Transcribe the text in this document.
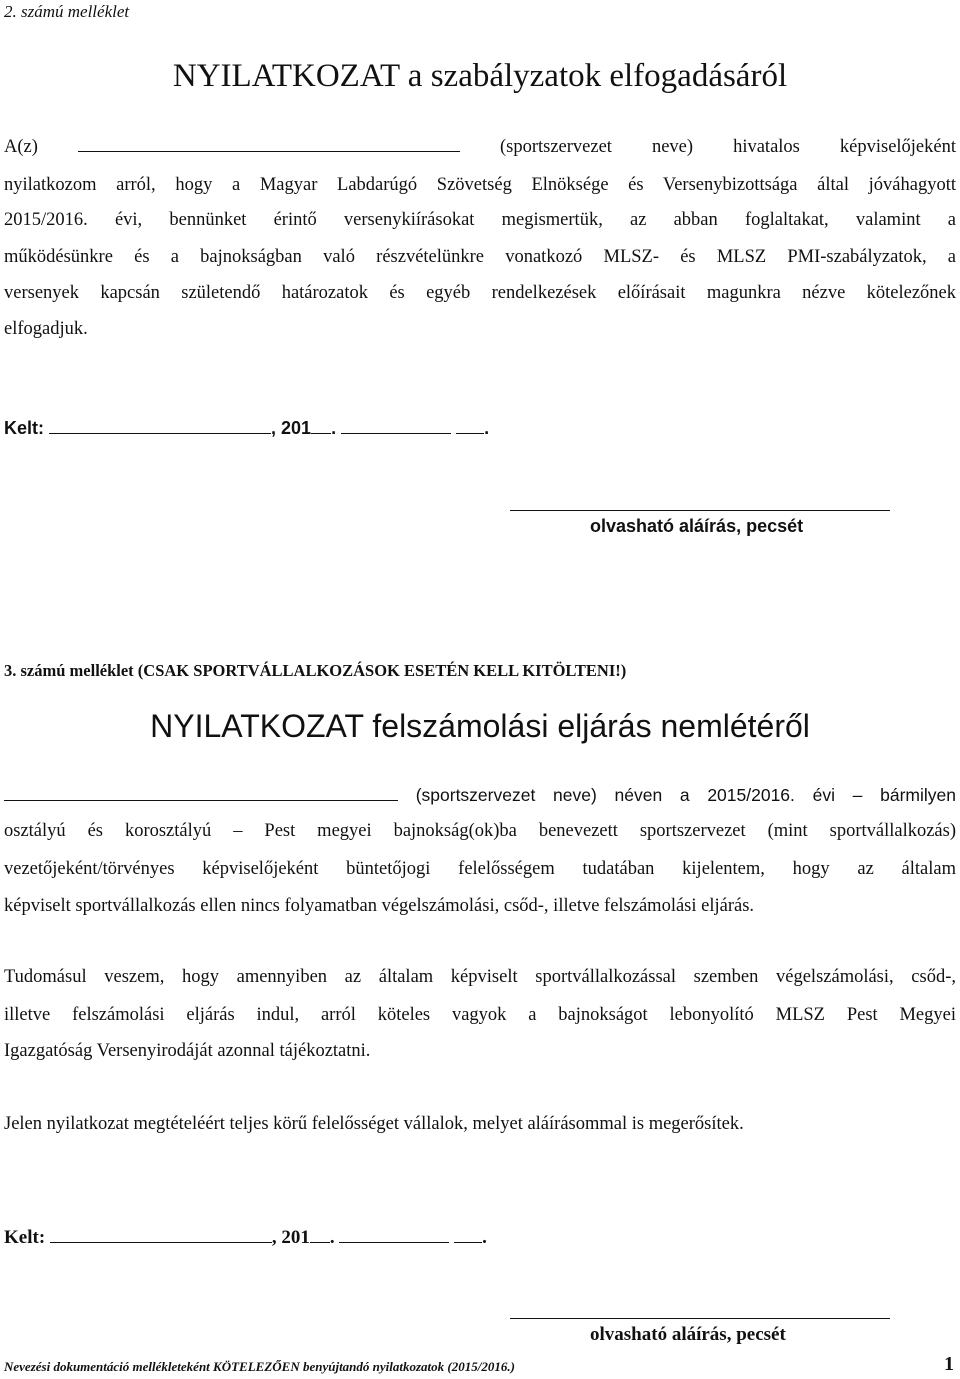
2. számú melléklet
NYILATKOZAT a szabályzatok elfogadásáról
A(z)	(sportszervezet neve) hivatalos képviselőjeként
nyilatkozom arról, hogy a Magyar Labdarúgó Szövetség Elnöksége és Versenybizottsága által jóváhagyott
2015/2016. évi, bennünket érintő versenykiírásokat megismertük, az abban foglaltakat, valamint a
működésünkre és a bajnokságban való részvételünkre vonatkozó MLSZ- és MLSZ PMI-szabályzatok, a
versenyek kapcsán születendő határozatok és egyéb rendelkezések előírásait magunkra nézve kötelezőnek
elfogadjuk.
Kelt:	, 201 .	.
olvasható aláírás, pecsét
3. számú melléklet (CSAK SPORTVÁLLALKOZÁSOK ESETÉN KELL KITÖLTENI!)
NYILATKOZAT felszámolási eljárás nemlétéről
(sportszervezet neve) néven a 2015/2016. évi – bármilyen
osztályú és korosztályú – Pest megyei bajnokság(ok)ba benevezett sportszervezet (mint sportvállalkozás)
vezetőjeként/törvényes képviselőjeként büntetőjogi felelősségem tudatában kijelentem, hogy az általam
képviselt sportvállalkozás ellen nincs folyamatban végelszámolási, csőd-, illetve felszámolási eljárás.
Tudomásul veszem, hogy amennyiben az általam képviselt sportvállalkozással szemben végelszámolási, csőd-,
illetve felszámolási eljárás indul, arról köteles vagyok a bajnokságot lebonyolító MLSZ Pest Megyei
Igazgatóság Versenyirodáját azonnal tájékoztatni.
Jelen nyilatkozat megtételéért teljes körű felelősséget vállalok, melyet aláírásommal is megerősítek.
Kelt:	, 201 .	.
olvasható aláírás, pecsét
Nevezési dokumentáció mellékleteként KÖTELEZŐEN benyújtandó nyilatkozatok (2015/2016.)	1
